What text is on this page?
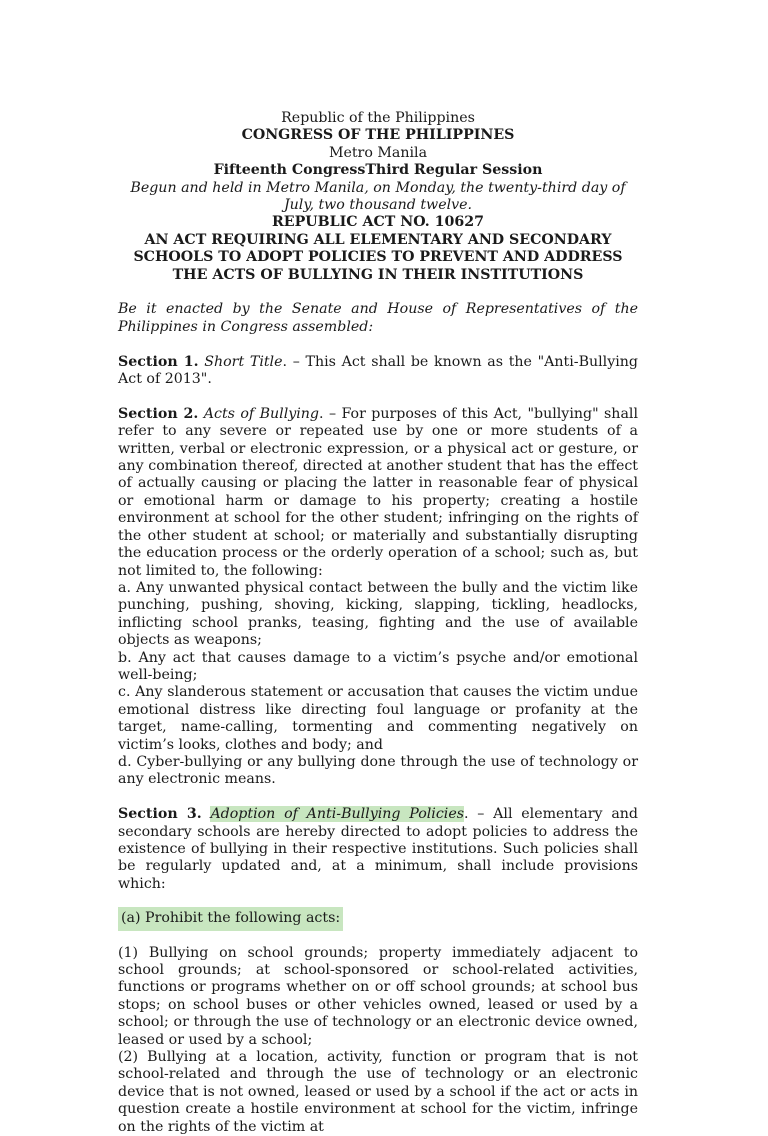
Republic of the Philippines

CONGRESS OF THE PHILIPPINES

Metro Manila

Fifteenth CongressThird Regular Session

Begun and held in Metro Manila, on Monday, the twenty-third day of July, two thousand twelve.

REPUBLIC ACT NO. 10627

AN ACT REQUIRING ALL ELEMENTARY AND SECONDARY SCHOOLS TO ADOPT POLICIES TO PREVENT AND ADDRESS THE ACTS OF BULLYING IN THEIR INSTITUTIONS

Be it enacted by the Senate and House of Representatives of the Philippines in Congress assembled:

Section 1. Short Title. – This Act shall be known as the "Anti-Bullying Act of 2013".

Section 2. Acts of Bullying. – For purposes of this Act, "bullying" shall refer to any severe or repeated use by one or more students of a written, verbal or electronic expression, or a physical act or gesture, or any combination thereof, directed at another student that has the effect of actually causing or placing the latter in reasonable fear of physical or emotional harm or damage to his property; creating a hostile environment at school for the other student; infringing on the rights of the other student at school; or materially and substantially disrupting the education process or the orderly operation of a school; such as, but not limited to, the following:

a. Any unwanted physical contact between the bully and the victim like punching, pushing, shoving, kicking, slapping, tickling, headlocks, inflicting school pranks, teasing, fighting and the use of available objects as weapons;

b. Any act that causes damage to a victim’s psyche and/or emotional well-being;

c. Any slanderous statement or accusation that causes the victim undue emotional distress like directing foul language or profanity at the target, name-calling, tormenting and commenting negatively on victim’s looks, clothes and body; and

d. Cyber-bullying or any bullying done through the use of technology or any electronic means.

Section 3. Adoption of Anti-Bullying Policies. – All elementary and secondary schools are hereby directed to adopt policies to address the existence of bullying in their respective institutions. Such policies shall be regularly updated and, at a minimum, shall include provisions which:

(a) Prohibit the following acts:

(1) Bullying on school grounds; property immediately adjacent to school grounds; at school-sponsored or school-related activities, functions or programs whether on or off school grounds; at school bus stops; on school buses or other vehicles owned, leased or used by a school; or through the use of technology or an electronic device owned, leased or used by a school;

(2) Bullying at a location, activity, function or program that is not school-related and through the use of technology or an electronic device that is not owned, leased or used by a school if the act or acts in question create a hostile environment at school for the victim, infringe on the rights of the victim at
